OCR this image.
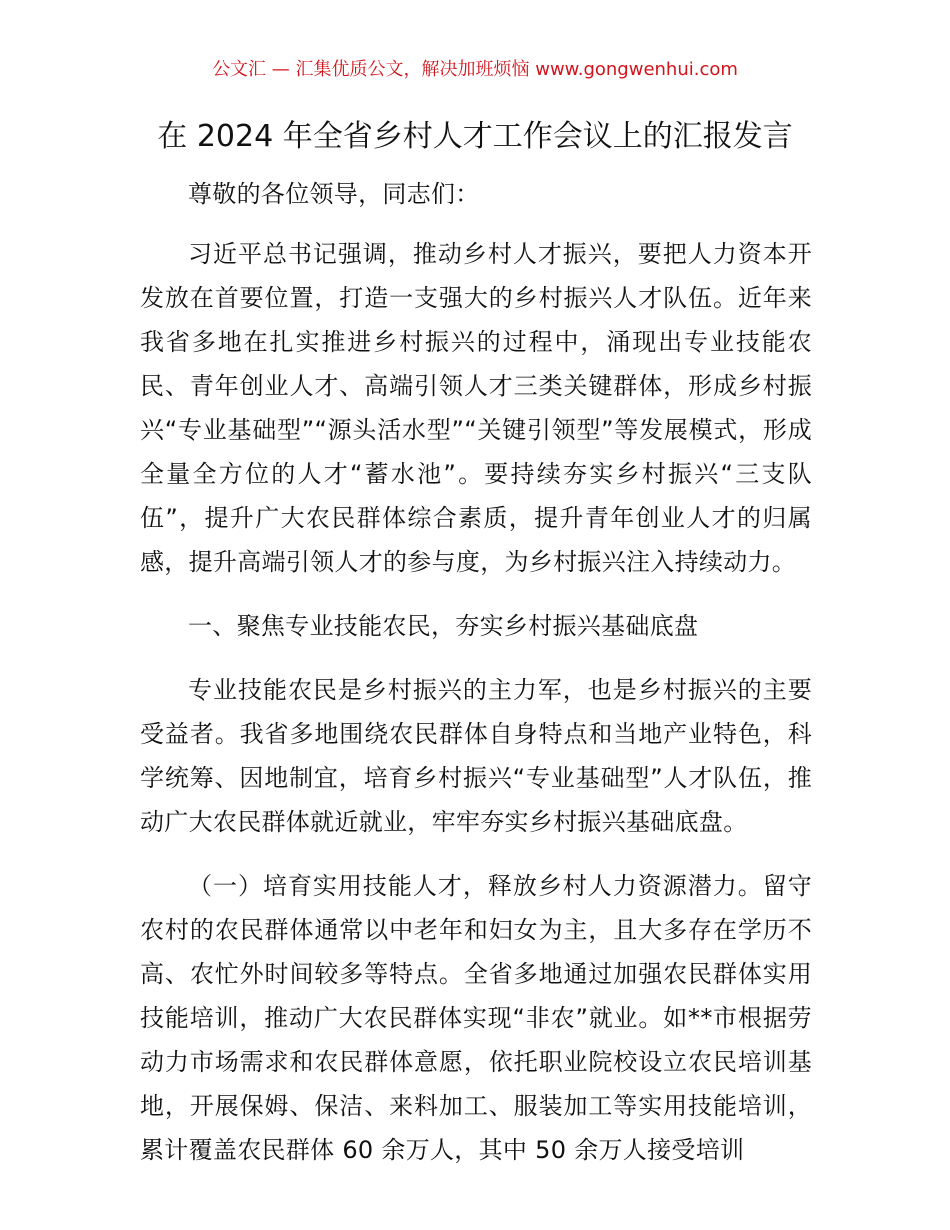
公文汇 — 汇集优质公文，解决加班烦恼 www.gongwenhui.com
在 2024 年全省乡村人才工作会议上的汇报发言

尊敬的各位领导，同志们：

习近平总书记强调，推动乡村人才振兴，要把人力资本开发放在首要位置，打造一支强大的乡村振兴人才队伍。近年来我省多地在扎实推进乡村振兴的过程中，涌现出专业技能农民、青年创业人才、高端引领人才三类关键群体，形成乡村振兴“专业基础型”“源头活水型”“关键引领型”等发展模式，形成全量全方位的人才“蓄水池”。要持续夯实乡村振兴“三支队伍”，提升广大农民群体综合素质，提升青年创业人才的归属感，提升高端引领人才的参与度，为乡村振兴注入持续动力。

一、聚焦专业技能农民，夯实乡村振兴基础底盘

专业技能农民是乡村振兴的主力军，也是乡村振兴的主要受益者。我省多地围绕农民群体自身特点和当地产业特色，科学统筹、因地制宜，培育乡村振兴“专业基础型”人才队伍，推动广大农民群体就近就业，牢牢夯实乡村振兴基础底盘。

（一）培育实用技能人才，释放乡村人力资源潜力。留守农村的农民群体通常以中老年和妇女为主，且大多存在学历不高、农忙外时间较多等特点。全省多地通过加强农民群体实用技能培训，推动广大农民群体实现“非农”就业。如**市根据劳动力市场需求和农民群体意愿，依托职业院校设立农民培训基地，开展保姆、保洁、来料加工、服装加工等实用技能培训，累计覆盖农民群体 60 余万人，其中 50 余万人接受培训
